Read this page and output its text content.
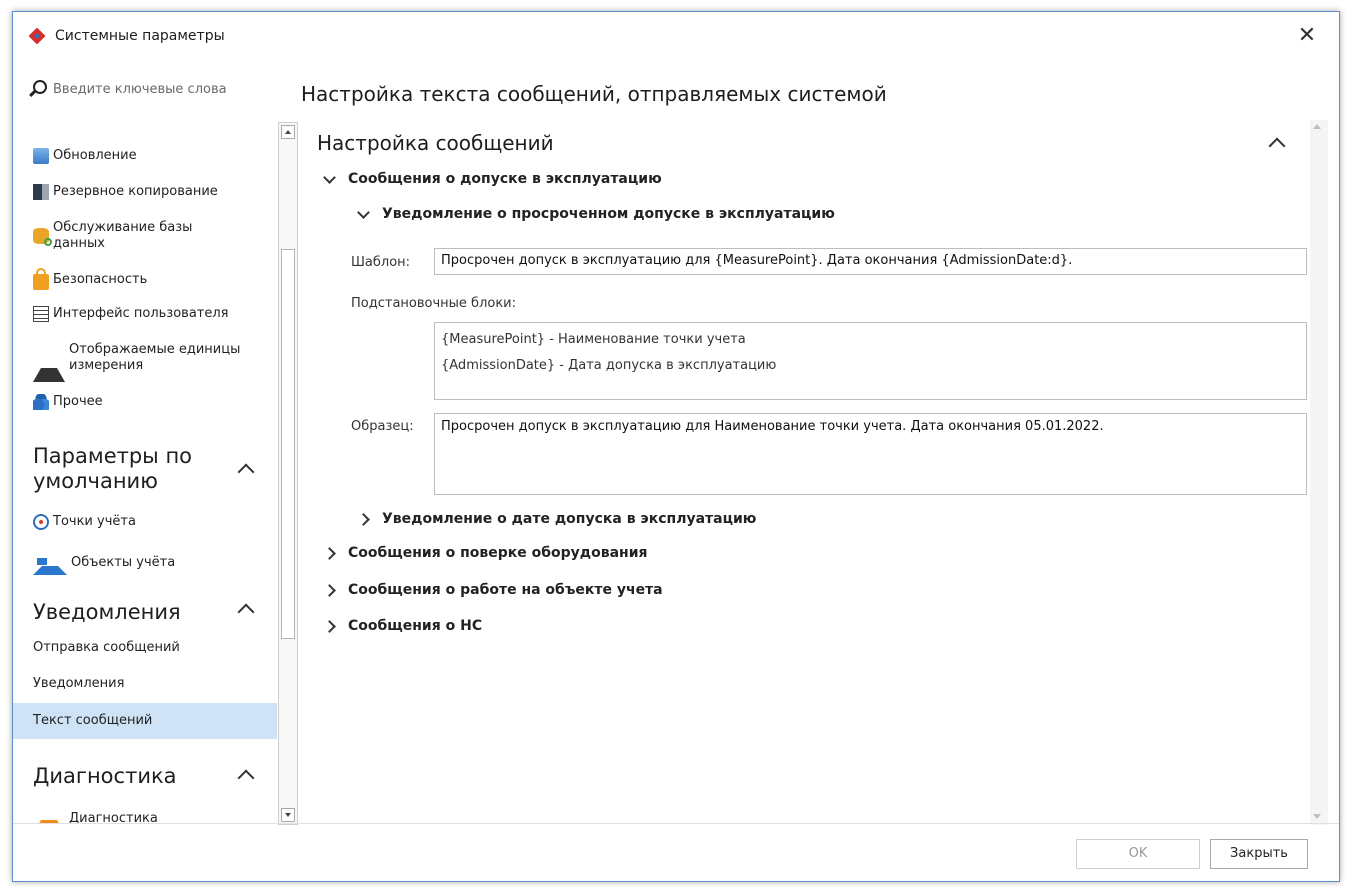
Системные параметры	✕
Введите ключевые слова
Обновление
Резервное копирование
Обслуживание базы данных
Безопасность
Интерфейс пользователя
Отображаемые единицы измерения
Прочее
Параметры по умолчанию
Точки учёта
Объекты учёта
Уведомления
Отправка сообщений
Уведомления
Текст сообщений
Диагностика
Диагностика
Настройка текста сообщений, отправляемых системой
Настройка сообщений
Сообщения о допуске в эксплуатацию
Уведомление о просроченном допуске в эксплуатацию
Шаблон:	Просрочен допуск в эксплуатацию для {MeasurePoint}. Дата окончания {AdmissionDate:d}.
Подстановочные блоки:
{MeasurePoint} - Наименование точки учета
{AdmissionDate} - Дата допуска в эксплуатацию
Образец: Просрочен допуск в эксплуатацию для Наименование точки учета. Дата окончания 05.01.2022.
Уведомление о дате допуска в эксплуатацию
Сообщения о поверке оборудования
Сообщения о работе на объекте учета
Сообщения о НС
OK	Закрыть
